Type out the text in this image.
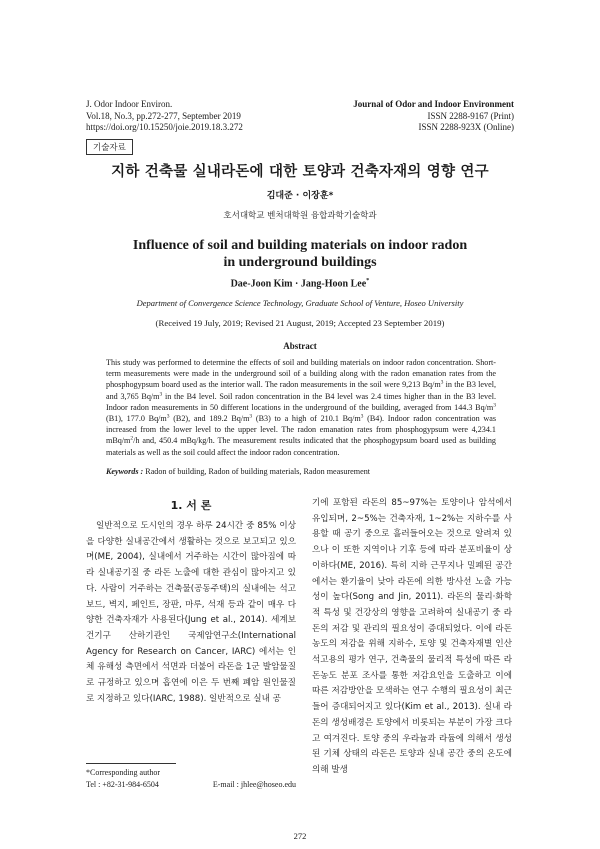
J. Odor Indoor Environ.
Vol.18, No.3, pp.272-277, September 2019
https://doi.org/10.15250/joie.2019.18.3.272
Journal of Odor and Indoor Environment
ISSN 2288-9167 (Print)
ISSN 2288-923X (Online)
기술자료
지하 건축물 실내라돈에 대한 토양과 건축자재의 영향 연구
김대준 · 이장훈*
호서대학교 벤처대학원 융합과학기술학과
Influence of soil and building materials on indoor radon
in underground buildings
Dae-Joon Kim · Jang-Hoon Lee*
Department of Convergence Science Technology, Graduate School of Venture, Hoseo University
(Received 19 July, 2019; Revised 21 August, 2019; Accepted 23 September 2019)
Abstract
This study was performed to determine the effects of soil and building materials on indoor radon concentration. Short-term measurements were made in the underground soil of a building along with the radon emanation rates from the phosphogypsum board used as the interior wall. The radon measurements in the soil were 9,213 $Bq/m^3$ in the B3 level, and 3,765 $Bq/m^3$ in the B4 level. Soil radon concentration in the B4 level was 2.4 times higher than in the B3 level. Indoor radon measurements in 50 different locations in the underground of the building, averaged from 144.3 $Bq/m^3$ (B1), 177.0 $Bq/m^3$ (B2), and 189.2 $Bq/m^3$ (B3) to a high of 210.1 $Bq/m^3$ (B4). Indoor radon concentration was increased from the lower level to the upper level. The radon emanation rates from phosphogypsum were 4,234.1 mBq/$m^2/h$ and, 450.4 mBq/kg/h. The measurement results indicated that the phosphogypsum board used as building materials as well as the soil could affect the indoor radon concentration.
Keywords : Radon of building, Radon of building materials, Radon measurement
1. 서 론

일반적으로 도시인의 경우 하루 24시간 중 85% 이상을 다양한 실내공간에서 생활하는 것으로 보고되고 있으며(ME, 2004), 실내에서 거주하는 시간이 많아짐에 따라 실내공기질 중 라돈 노출에 대한 관심이 많아지고 있다. 사람이 거주하는 건축물(공동주택)의 실내에는 석고보드, 벽지, 페인트, 장판, 마루, 석재 등과 같이 매우 다양한 건축자재가 사용된다(Jung et al., 2014). 세계보건기구 산하기관인 국제암연구소(International Agency for Research on Cancer, IARC) 에서는 인체 유해성 측면에서 석면과 더불어 라돈을 1군 발암물질로 규정하고 있으며 흡연에 이은 두 번째 폐암 원인물질로 지정하고 있다(IARC, 1988). 일반적으로 실내 공

기에 포함된 라돈의 85~97%는 토양이나 암석에서 유입되며, 2~5%는 건축자재, 1~2%는 지하수를 사용할 때 공기 중으로 흘러들어오는 것으로 알려져 있으나 이 또한 지역이나 기후 등에 따라 분포비율이 상이하다(ME, 2016). 특히 지하 근무지나 밀폐된 공간에서는 환기율이 낮아 라돈에 의한 방사선 노출 가능성이 높다(Song and Jin, 2011). 라돈의 물리·화학적 특성 및 건강상의 영향을 고려하여 실내공기 중 라돈의 저감 및 관리의 필요성이 증대되었다. 이에 라돈 농도의 저감을 위해 지하수, 토양 및 건축자재별 인산석고용의 평가 연구, 건축물의 물리적 특성에 따른 라돈농도 분포 조사를 통한 저감요인을 도출하고 이에 따른 저감방안을 모색하는 연구 수행의 필요성이 최근 들어 증대되어지고 있다(Kim et al., 2013). 실내 라돈의 생성배경은 토양에서 비롯되는 부분이 가장 크다고 여겨진다. 토양 중의 우라늄과 라듐에 의해서 생성된 기체 상태의 라돈은 토양과 실내 공간 중의 온도에 의해 발생

*Corresponding author
Tel : +82-31-984-6504	E-mail : jhlee@hoseo.edu
272
